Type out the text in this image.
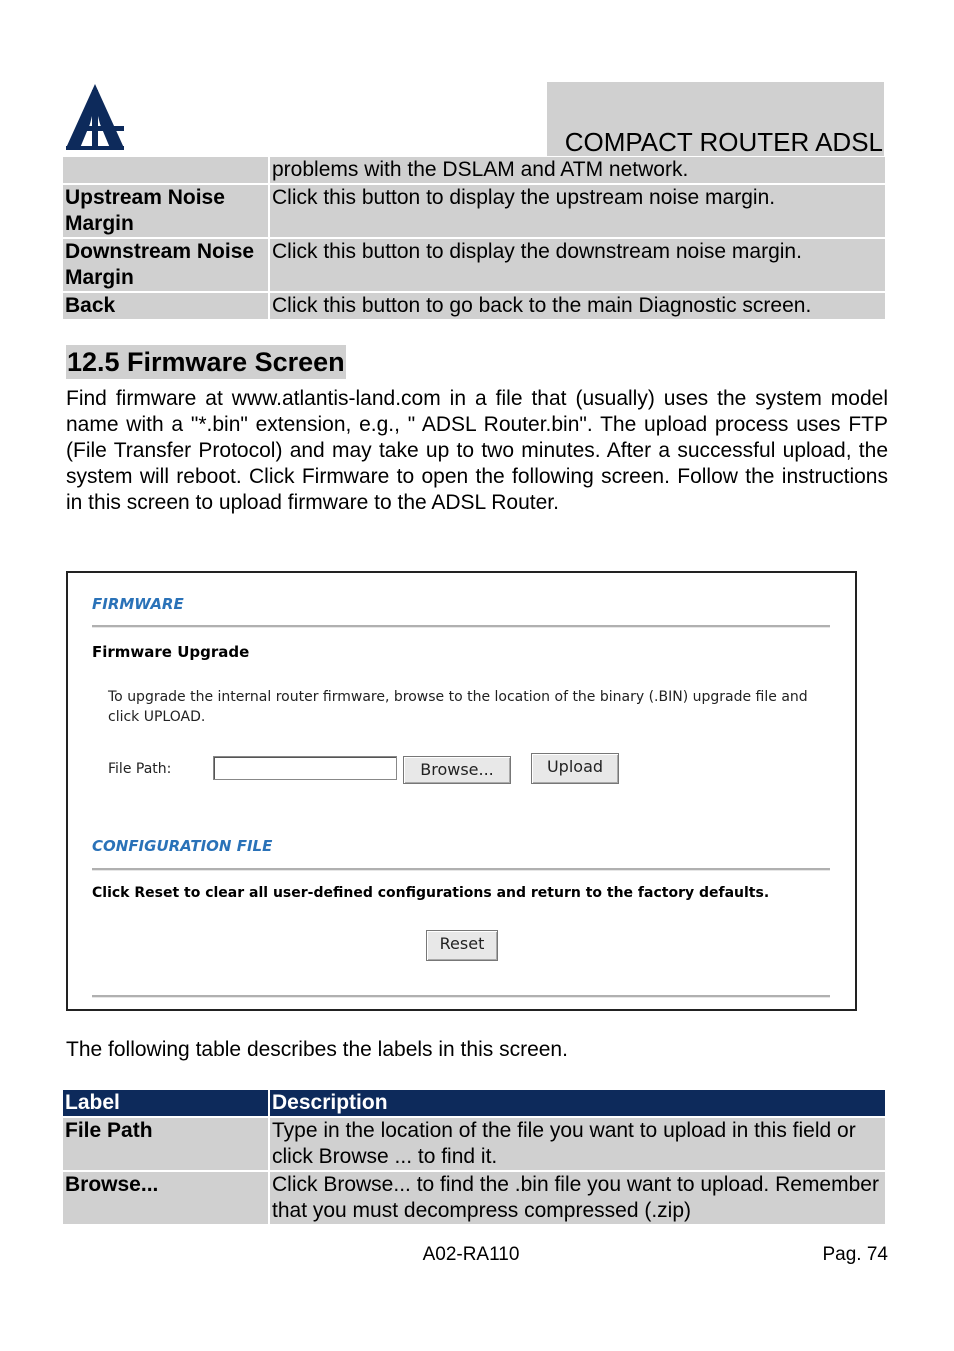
COMPACT ROUTER ADSL
	problems with the DSLAM and ATM network.
Upstream Noise Margin	Click this button to display the upstream noise margin.
Downstream Noise Margin	Click this button to display the downstream noise margin.
Back	Click this button to go back to the main Diagnostic screen.
12.5 Firmware Screen
Find firmware at www.atlantis-land.com in a file that (usually) uses the system model name with a "*.bin" extension, e.g., " ADSL Router.bin". The upload process uses FTP (File Transfer Protocol) and may take up to two minutes. After a successful upload, the system will reboot. Click Firmware to open the following screen. Follow the instructions in this screen to upload firmware to the ADSL Router.
FIRMWARE
Firmware Upgrade
To upgrade the internal router firmware, browse to the location of the binary (.BIN) upgrade file and click UPLOAD.
File Path:	Browse...	Upload
CONFIGURATION FILE
Click Reset to clear all user-defined configurations and return to the factory defaults.
Reset
The following table describes the labels in this screen.
Label	Description
File Path	Type in the location of the file you want to upload in this field or click Browse ... to find it.
Browse...	Click Browse... to find the .bin file you want to upload. Remember that you must decompress compressed (.zip)
A02-RA110	Pag. 74
